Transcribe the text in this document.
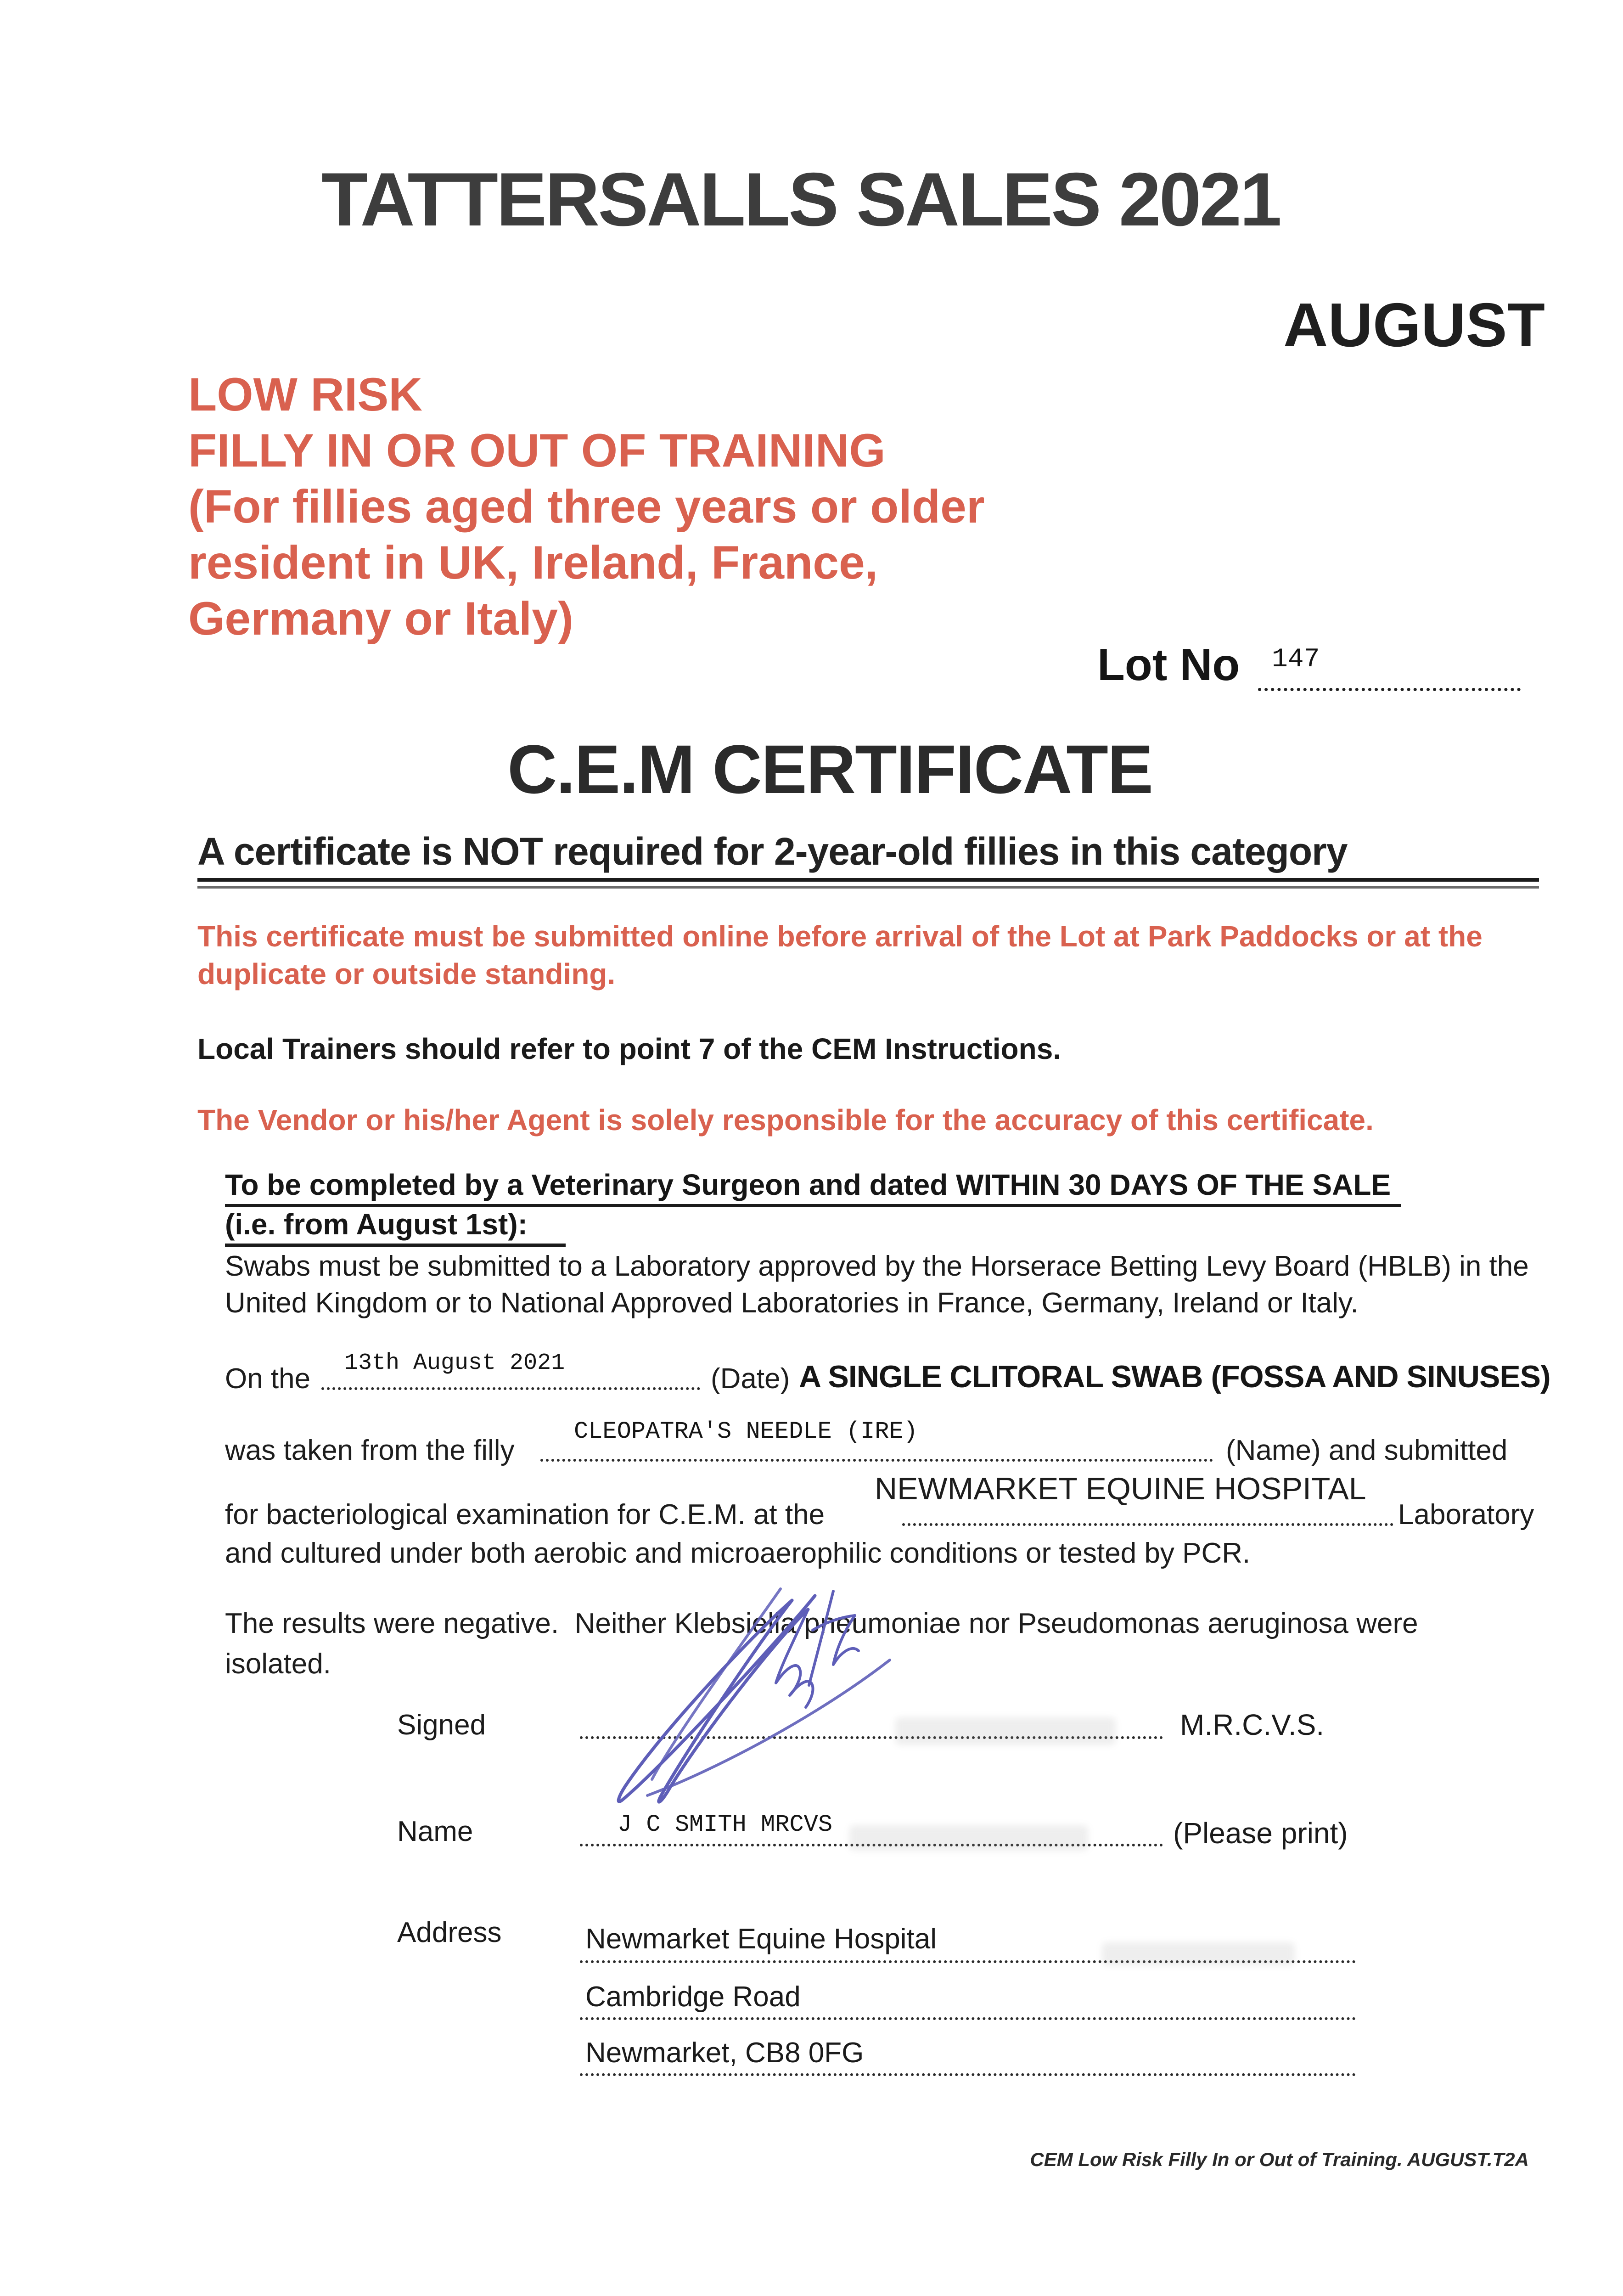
TATTERSALLS SALES 2021
AUGUST
LOW RISK
FILLY IN OR OUT OF TRAINING
(For fillies aged three years or older
resident in UK, Ireland, France,
Germany or Italy)
Lot No 147
C.E.M CERTIFICATE
A certificate is NOT required for 2-year-old fillies in this category
This certificate must be submitted online before arrival of the Lot at Park Paddocks or at the duplicate or outside standing.
Local Trainers should refer to point 7 of the CEM Instructions.
The Vendor or his/her Agent is solely responsible for the accuracy of this certificate.
To be completed by a Veterinary Surgeon and dated WITHIN 30 DAYS OF THE SALE
(i.e. from August 1st):
Swabs must be submitted to a Laboratory approved by the Horserace Betting Levy Board (HBLB) in the United Kingdom or to National Approved Laboratories in France, Germany, Ireland or Italy.
On the 13th August 2021	(Date) A SINGLE CLITORAL SWAB (FOSSA AND SINUSES)
was taken from the filly
CLEOPATRA'S NEEDLE (IRE)
(Name) and submitted
for bacteriological examination for C.E.M. at the
NEWMARKET EQUINE HOSPITAL
Laboratory
and cultured under both aerobic and microaerophilic conditions or tested by PCR.
The results were negative.  Neither Klebsiella pneumoniae nor Pseudomonas aeruginosa were isolated.
Signed	M.R.C.V.S.
Name	J C SMITH MRCVS	(Please print)
Address	Newmarket Equine Hospital
Cambridge Road
Newmarket, CB8 0FG
CEM Low Risk Filly In or Out of Training. AUGUST.T2A
